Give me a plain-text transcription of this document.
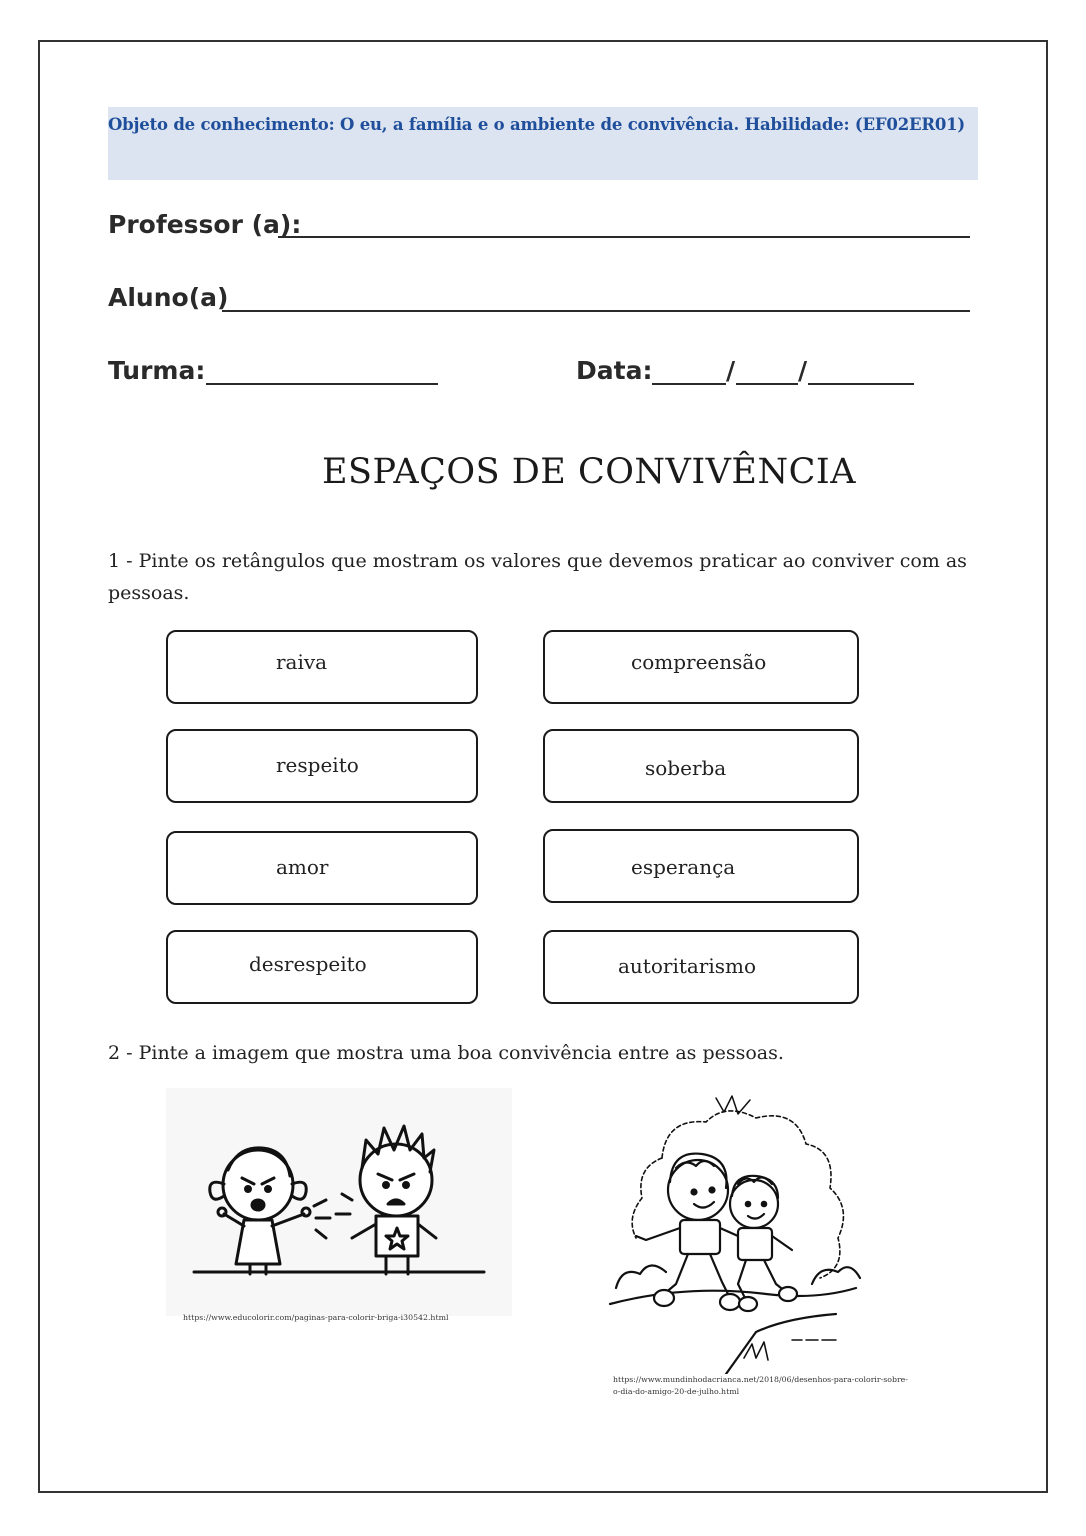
Objeto de conhecimento: O eu, a família e o ambiente de convivência. Habilidade: (EF02ER01)
Professor (a):
Aluno(a)
Turma:	Data:	/	/
ESPAÇOS DE CONVIVÊNCIA
1 - Pinte os retângulos que mostram os valores que devemos praticar ao conviver com as pessoas.
raiva	compreensão
respeito	soberba
amor	esperança
desrespeito	autoritarismo
2 - Pinte a imagem que mostra uma boa convivência entre as pessoas.
https://www.educolorir.com/paginas-para-colorir-briga-i30542.html
https://www.mundinhodacrianca.net/2018/06/desenhos-para-colorir-sobre-o-dia-do-amigo-20-de-julho.html
